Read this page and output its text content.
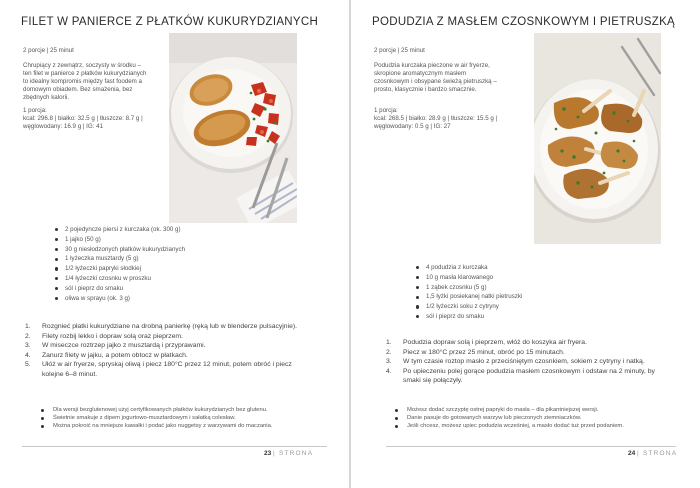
FILET W PANIERCE Z PŁATKÓW KUKURYDZIANYCH
2 porcje | 25 minut
Chrupiący z zewnątrz, soczysty w środku – ten filet w panierce z płatków kukurydzianych to idealny kompromis między fast foodem a domowym obiadem. Bez smażenia, bez zbędnych kalorii.
1 porcja:
kcal: 296.8 | białko: 32.5 g | tłuszcze: 8.7 g | węglowodany: 16.9 g | IG: 41
2 pojedyncze piersi z kurczaka (ok. 300 g)
1 jajko (50 g)
30 g niesłodzonych płatków kukurydzianych
1 łyżeczka musztardy (5 g)
1/2 łyżeczki papryki słodkiej
1/4 łyżeczki czosnku w proszku
sól i pieprz do smaku
oliwa w sprayu (ok. 3 g)
1. Rozgnieć płatki kukurydziane na drobną panierkę (ręką lub w blenderze pulsacyjnie).
2. Filety rozbij lekko i dopraw solą oraz pieprzem.
3. W miseczce roztrzep jajko z musztardą i przyprawami.
4. Zanurz filety w jajku, a potem obtocz w płatkach.
5. Ułóż w air fryerze, spryskaj oliwą i piecz 180°C przez 12 minut, potem obróć i piecz kolejne 6–8 minut.
Dla wersji bezglutenowej użyj certyfikowanych płatków kukurydzianych bez glutenu.
Świetnie smakuje z dipem jogurtowo-musztardowym i sałatką colesław.
Można pokroić na mniejsze kawałki i podać jako nuggetsy z warzywami do maczania.
23 | STRONA
PODUDZIA Z MASŁEM CZOSNKOWYM I PIETRUSZKĄ
2 porcje | 25 minut
Podudzia kurczaka pieczone w air fryerze, skropione aromatycznym masłem czosnkowym i obsypane świeżą pietruszką – prosto, klasycznie i bardzo smacznie.
1 porcja:
kcal: 268.5 | białko: 28.9 g | tłuszcze: 15.5 g | węglowodany: 0.5 g | IG: 27
4 podudzia z kurczaka
10 g masła klarowanego
1 ząbek czosnku (5 g)
1,5 łyżki posiekanej natki pietruszki
1/2 łyżeczki soku z cytryny
sól i pieprz do smaku
1. Podudzia dopraw solą i pieprzem, włóż do koszyka air fryera.
2. Piecz w 180°C przez 25 minut, obróć po 15 minutach.
3. W tym czasie roztop masło z przeciśniętym czosnkiem, sokiem z cytryny i natką.
4. Po upieczeniu polej gorące podudzia masłem czosnkowym i odstaw na 2 minuty, by smaki się połączyły.
Możesz dodać szczyptę ostrej papryki do masła – dla pikantniejszej wersji.
Danie pasuje do gotowanych warzyw lub pieczonych ziemniaczków.
Jeśli chcesz, możesz upiec podudzia wcześniej, a masło dodać tuż przed podaniem.
24 | STRONA
